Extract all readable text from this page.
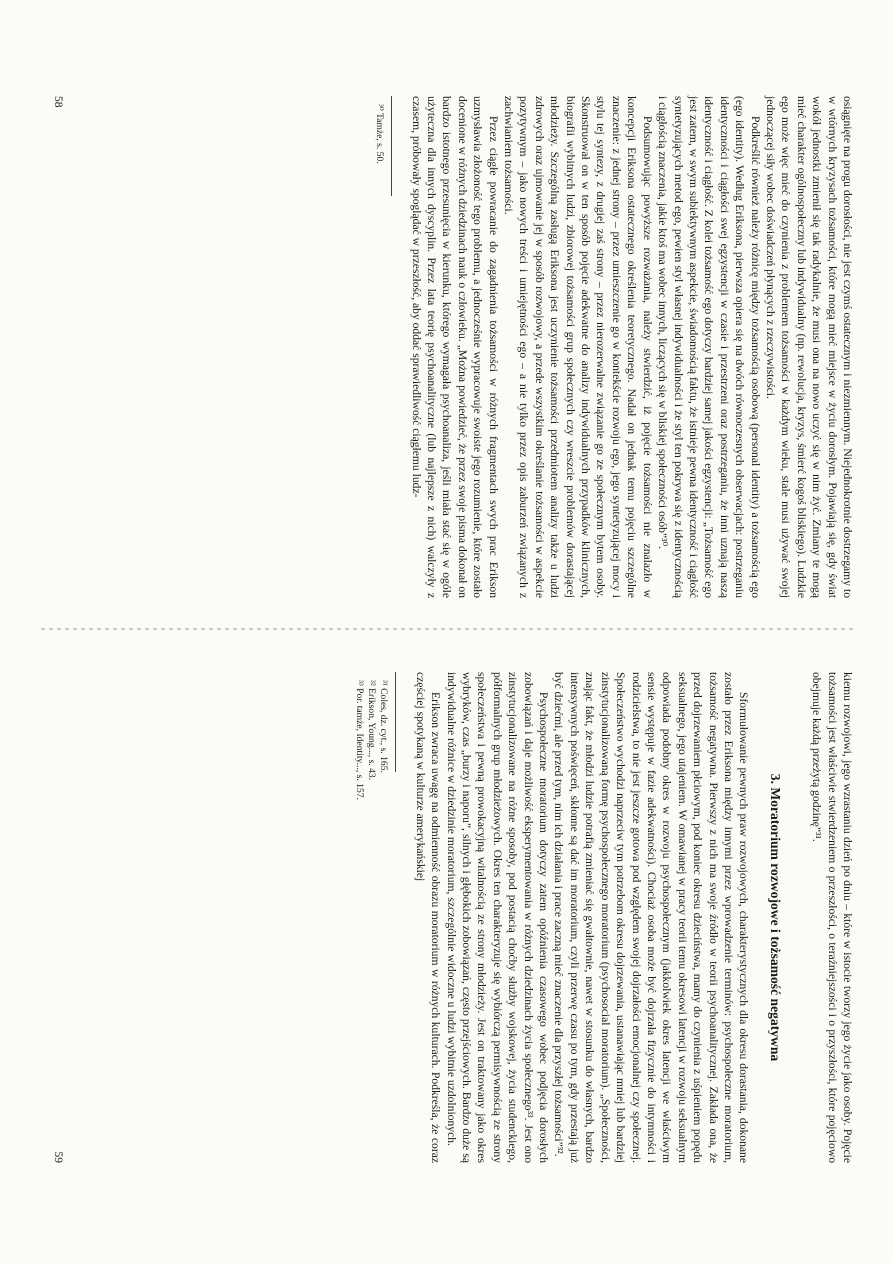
osiągnięte na progu dorosłości, nie jest czymś ostatecznym i niezmiennym. Niejednokrotnie dostrzegamy to w wtórnych kryzysach tożsamości, które mogą mieć miejsce w życiu dorosłym. Pojawiają się, gdy świat wokół jednostki zmienił się tak radykalnie, że musi ona na nowo uczyć się w nim żyć. Zmiany te mogą mieć charakter ogólnospołeczny lub indywidualny (np. rewolucja, kryzys, śmierć kogoś bliskiego). Ludzkie ego może więc mieć do czynienia z problemem tożsamości w każdym wieku, stale musi używać swojej jednoczącej siły wobec doświadczeń płynących z rzeczywistości.

Podkreślić również należy różnicę między tożsamością osobową (personal identity) a tożsamością ego (ego identity). Według Eriksona, pierwsza opiera się na dwóch równoczesnych obserwacjach: postrzeganiu identyczności i ciągłości swej egzystencji w czasie i przestrzeni oraz postrzeganiu, że inni uznają naszą identyczność i ciągłość. Z kolei tożsamość ego dotyczy bardziej samej jakości egzystencji: „Tożsamość ego jest zatem, w swym subiektywnym aspekcie, świadomością faktu, że istnieje pewna identyczność i ciągłość syntetyzujących metod ego, pewien styl własnej indywidualności i że styl ten pokrywa się z identycznością i ciągłością znaczenia, jakie ktoś ma wobec innych, liczących się w bliskiej społeczności osób”³⁰.

Podsumowując powyższe rozważania, należy stwierdzić, iż pojęcie tożsamości nie znalazło w koncepcji Eriksona ostatecznego określenia teoretycznego. Nadał on jednak temu pojęciu szczególne znaczenie: z jednej strony – przez umieszczenie go w kontekście rozwoju ego, jego syntetyzującej mocy i stylu tej syntezy, z drugiej zaś strony – przez nierozerwalne związanie go ze społecznym bytem osoby. Skonstruował on w ten sposób pojęcie adekwatne do analizy indywidualnych przypadków klinicznych, biografii wybitnych ludzi, zbiorowej tożsamości grup społecznych czy wreszcie problemów dorastającej młodzieży. Szczególną zasługą Eriksona jest uczynienie tożsamości przedmiotem analizy także u ludzi zdrowych oraz ujmowanie jej w sposób rozwojowy, a przede wszystkim określanie tożsamości w aspekcie pozytywnym – jako nowych treści i umiejętności ego – a nie tylko przez opis zaburzeń związanych z zachwianiem tożsamości.

Przez ciągłe powracanie do zagadnienia tożsamości w różnych fragmentach swych prac Erikson uzmysławia złożoność tego problemu, a jednocześnie wypracowuje swoiste jego rozumienie, które zostało docenione w różnych dziedzinach nauk o człowieku. „Można powiedzieć, że przez swoje pisma dokonał on bardzo istotnego przesunięcia w kierunku, którego wymagała psychoanaliza, jeśli miała stać się w ogóle użyteczna dla innych dyscyplin. Przez lata teorię psychoanalityczne (lub najlepsze z nich) walczyły z czasem, próbowały spoglądać w przeszłość, aby oddać sprawiedliwość ciągłemu ludz-

³⁰ Tamże, s. 50.

58

kiemu rozwojowi, jego wzrastaniu dzień po dniu – które w istocie tworzy jego życie jako osoby. Pojęcie tożsamości jest właściwie stwierdzeniem o przeszłości, o teraźniejszości i o przyszłości, które pojęciowo obejmuje każdą przeżytą godzinę”³¹.

3. Moratorium rozwojowe i tożsamość negatywna

Sformułowanie pewnych praw rozwojowych, charakterystycznych dla okresu dorastania, dokonane zostało przez Eriksona między innymi przez wprowadzenie terminów: psychospołeczne moratorium, tożsamość negatywna. Pierwszy z nich ma swoje źródło w teorii psychoanalitycznej. Zakłada ona, że przed dojrzewaniem płciowym, pod koniec okresu dzieciństwa, mamy do czynienia z uśpieniem popędu seksualnego, jego utajeniem. W omawianej w pracy teorii temu okresowi latencji w rozwoju seksualnym odpowiada podobny okres w rozwoju psychospołecznym (jakkolwiek okres latencji we właściwym sensie występuje w fazie adekwatności). Chociaż osoba może być dojrzała fizycznie do intymności i rodzicielstwa, to nie jest jeszcze gotowa pod względem swojej dojrzałości emocjonalnej czy społecznej. Społeczeństwo wychodzi naprzeciw tym potrzebom okresu dojrzewania, ustanawiając mniej lub bardziej zinstytucjonalizowaną formę psychospołecznego moratorium (psychosocial moratorium). „Społeczności, znając fakt, że młodzi ludzie potrafią zmieniać się gwałtownie, nawet w stosunku do własnych, bardzo intensywnych poświęceń, skłonne są dać im moratorium, czyli przerwę czasu po tym, gdy przestają już być dziećmi, ale przed tym, nim ich działania i prace zaczną mieć znaczenie dla przyszłej tożsamości”³².

Psychospołeczne moratorium dotyczy zatem opóźnienia czasowego wobec podjęcia dorosłych zobowiązań i daje możliwość eksperymentowania w różnych dziedzinach życia społecznego³³. Jest ono zinstytucjonalizowane na różne sposoby, pod postacią choćby służby wojskowej, życia studenckiego, półformalnych grup młodzieżowych. Okres ten charakteryzuje się wybiórczą permisywnością ze strony społeczeństwa i pewną prowokacyjną witalnością ze strony młodzieży. Jest on traktowany jako okres wybryków, czas „burzy i naporu”, silnych i głębokich zobowiązań, często przejściowych. Bardzo duże są indywidualne różnice w dziedzinie moratorium, szczególnie widoczne u ludzi wybitnie uzdolnionych.

Erikson zwraca uwagę na odmienność obrazu moratorium w różnych kulturach. Podkreśla, że coraz częściej spotykaną w kulturze amerykańskiej

³¹ Coles, dz. cyt., s. 165.

³² Erikson, Young..., s. 43.

³³ Por. tamże, Identity..., s. 157.

59
